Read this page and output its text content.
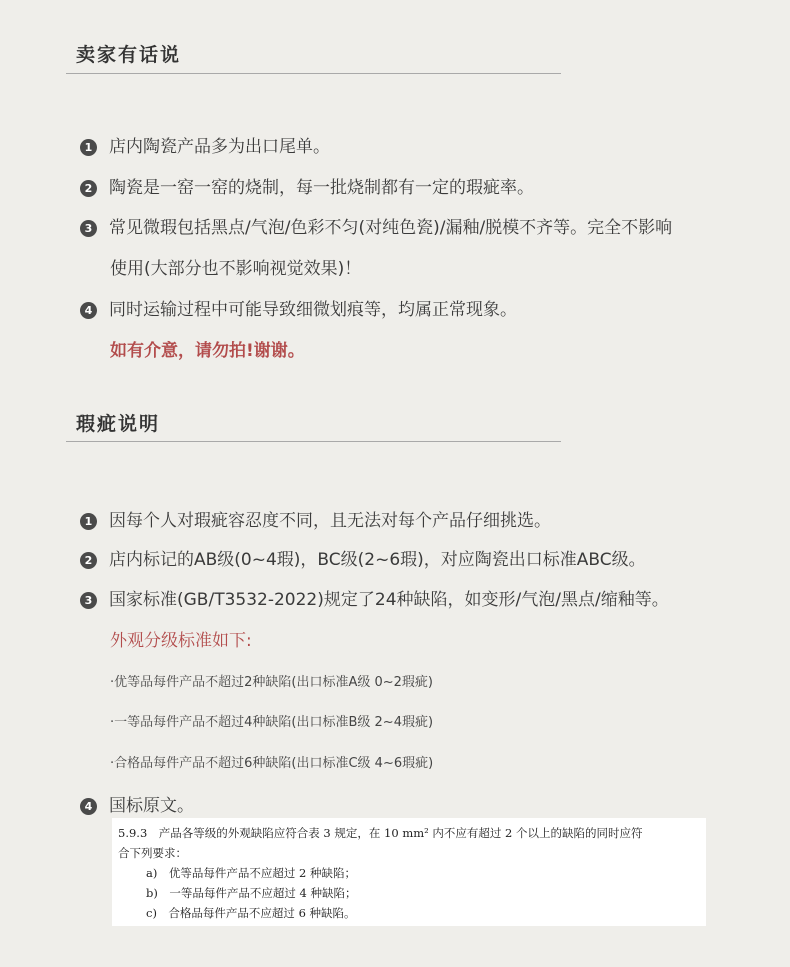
卖家有话说
1 店内陶瓷产品多为出口尾单。
2 陶瓷是一窑一窑的烧制，每一批烧制都有一定的瑕疵率。
3 常见微瑕包括黑点/气泡/色彩不匀(对纯色瓷)/漏釉/脱模不齐等。完全不影响
使用(大部分也不影响视觉效果)！
4 同时运输过程中可能导致细微划痕等，均属正常现象。
如有介意，请勿拍!谢谢。
瑕疵说明
1 因每个人对瑕疵容忍度不同，且无法对每个产品仔细挑选。
2 店内标记的AB级(0~4瑕)，BC级(2~6瑕)，对应陶瓷出口标准ABC级。
3 国家标准(GB/T3532-2022)规定了24种缺陷，如变形/气泡/黑点/缩釉等。
外观分级标准如下:
·优等品每件产品不超过2种缺陷(出口标准A级 0~2瑕疵)
·一等品每件产品不超过4种缺陷(出口标准B级 2~4瑕疵)
·合格品每件产品不超过6种缺陷(出口标准C级 4~6瑕疵)
4 国标原文。
5.9.3　产品各等级的外观缺陷应符合表 3 规定，在 10 mm² 内不应有超过 2 个以上的缺陷的同时应符
合下列要求：
a)　优等品每件产品不应超过 2 种缺陷；
b)　一等品每件产品不应超过 4 种缺陷；
c)　合格品每件产品不应超过 6 种缺陷。
